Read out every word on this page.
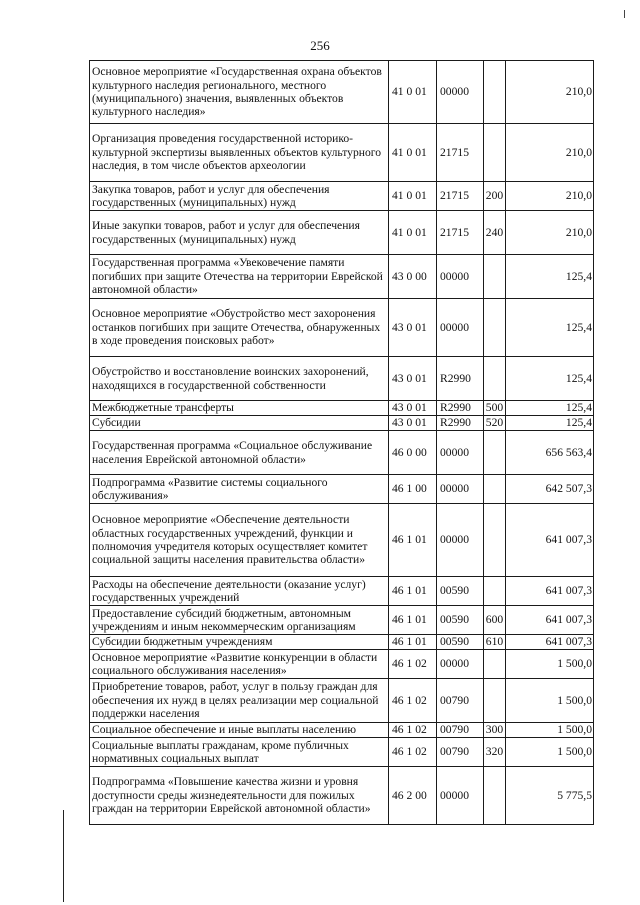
256
Основное мероприятие «Государственная охрана объектов культурного наследия регионального, местного (муниципального) значения, выявленных объектов культурного наследия»	41 0 01	00000		210,0
Организация проведения государственной историко-культурной экспертизы выявленных объектов культурного наследия, в том числе объектов археологии	41 0 01	21715		210,0
Закупка товаров, работ и услуг для обеспечения государственных (муниципальных) нужд	41 0 01	21715	200	210,0
Иные закупки товаров, работ и услуг для обеспечения государственных (муниципальных) нужд	41 0 01	21715	240	210,0
Государственная программа «Увековечение памяти погибших при защите Отечества на территории Еврейской автономной области»	43 0 00	00000		125,4
Основное мероприятие «Обустройство мест захоронения останков погибших при защите Отечества, обнаруженных в ходе проведения поисковых работ»	43 0 01	00000		125,4
Обустройство и восстановление воинских захоронений, находящихся в государственной собственности	43 0 01	R2990		125,4
Межбюджетные трансферты	43 0 01	R2990	500	125,4
Субсидии	43 0 01	R2990	520	125,4
Государственная программа «Социальное обслуживание населения Еврейской автономной области»	46 0 00	00000		656 563,4
Подпрограмма «Развитие системы социального обслуживания»	46 1 00	00000		642 507,3
Основное мероприятие «Обеспечение деятельности областных государственных учреждений, функции и полномочия учредителя которых осуществляет комитет социальной защиты населения правительства области»	46 1 01	00000		641 007,3
Расходы на обеспечение деятельности (оказание услуг) государственных учреждений	46 1 01	00590		641 007,3
Предоставление субсидий бюджетным, автономным учреждениям и иным некоммерческим организациям	46 1 01	00590	600	641 007,3
Субсидии бюджетным учреждениям	46 1 01	00590	610	641 007,3
Основное мероприятие «Развитие конкуренции в области социального обслуживания населения»	46 1 02	00000		1 500,0
Приобретение товаров, работ, услуг в пользу граждан для обеспечения их нужд в целях реализации мер социальной поддержки населения	46 1 02	00790		1 500,0
Социальное обеспечение и иные выплаты населению	46 1 02	00790	300	1 500,0
Социальные выплаты гражданам, кроме публичных нормативных социальных выплат	46 1 02	00790	320	1 500,0
Подпрограмма «Повышение качества жизни и уровня доступности среды жизнедеятельности для пожилых граждан на территории Еврейской автономной области»	46 2 00	00000		5 775,5
